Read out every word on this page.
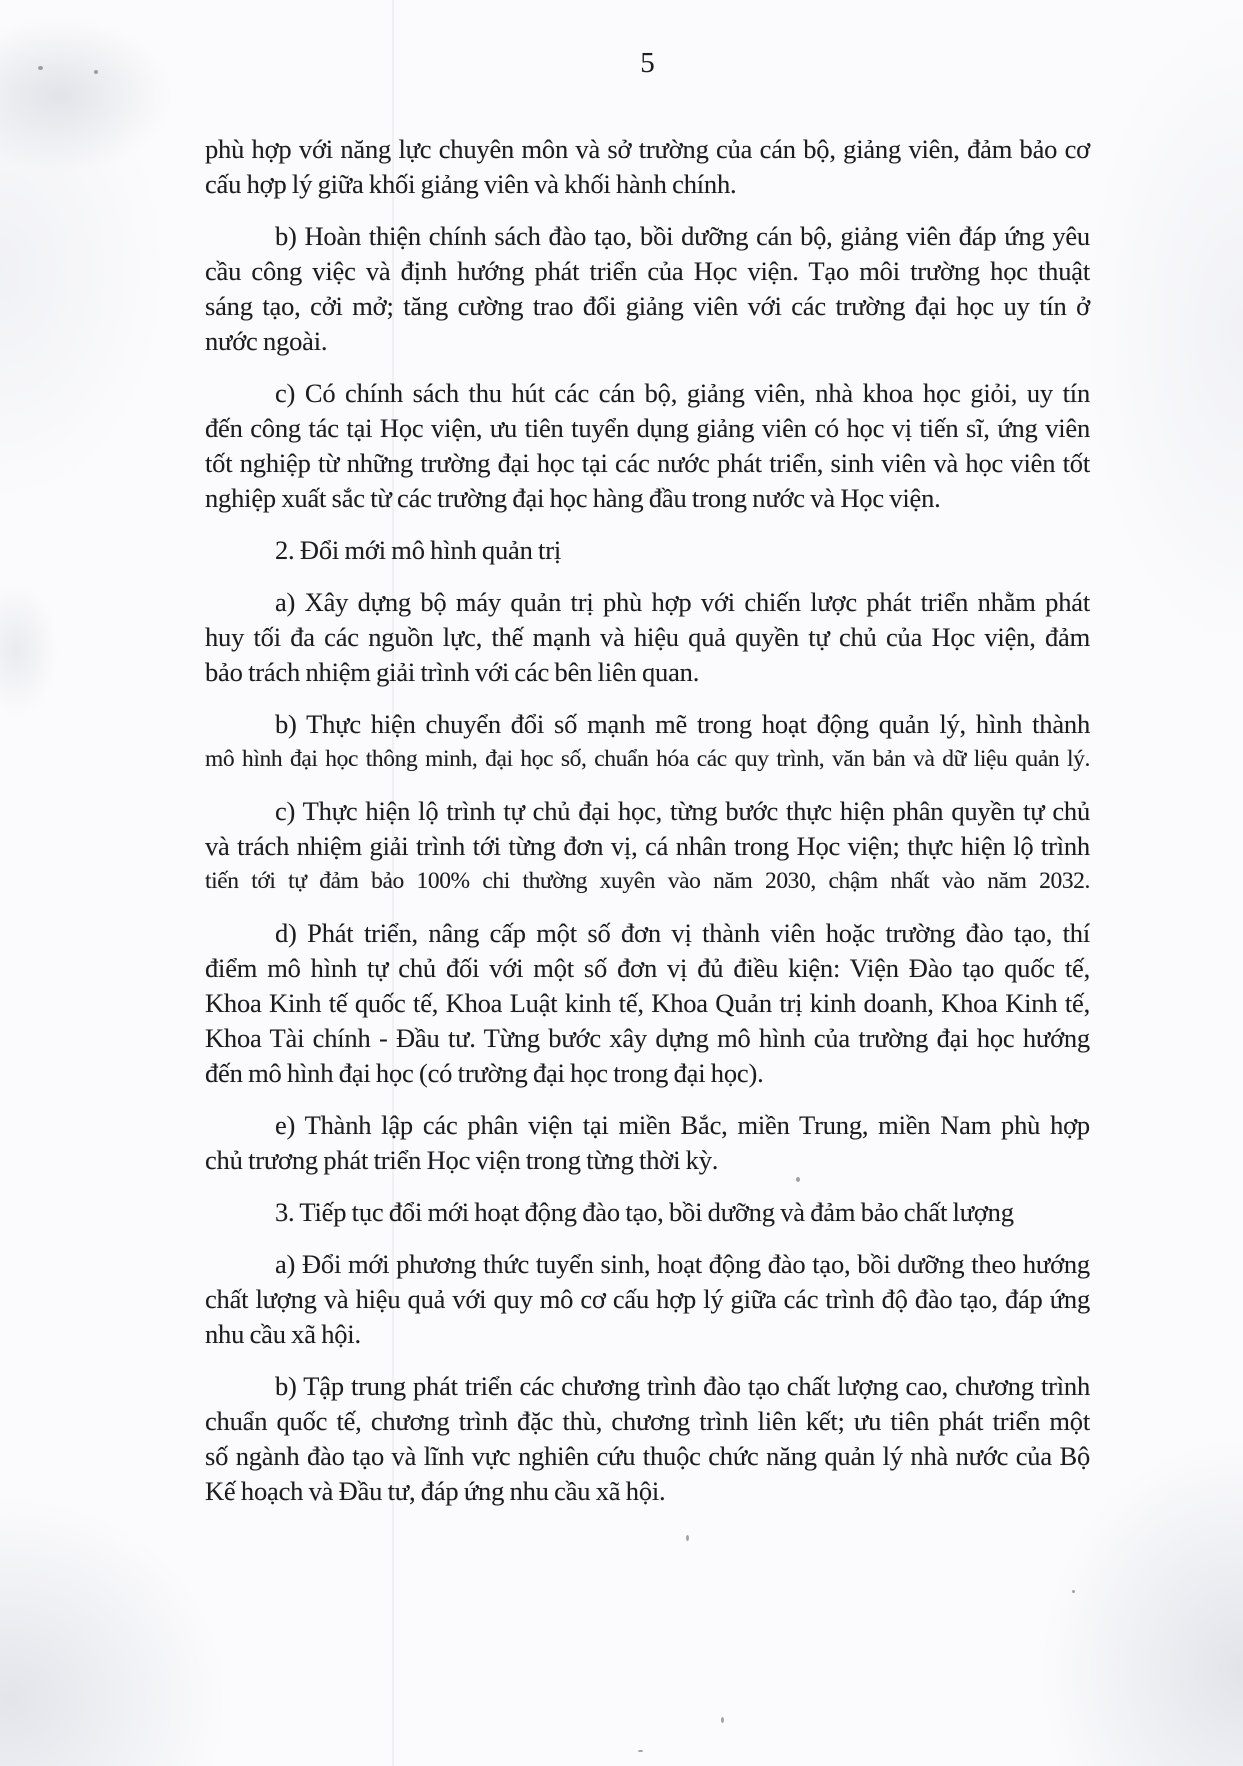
5
phù hợp với năng lực chuyên môn và sở trường của cán bộ, giảng viên, đảm bảo cơ
cấu hợp lý giữa khối giảng viên và khối hành chính.
b) Hoàn thiện chính sách đào tạo, bồi dưỡng cán bộ, giảng viên đáp ứng yêu
cầu công việc và định hướng phát triển của Học viện. Tạo môi trường học thuật
sáng tạo, cởi mở; tăng cường trao đổi giảng viên với các trường đại học uy tín ở
nước ngoài.
c) Có chính sách thu hút các cán bộ, giảng viên, nhà khoa học giỏi, uy tín
đến công tác tại Học viện, ưu tiên tuyển dụng giảng viên có học vị tiến sĩ, ứng viên
tốt nghiệp từ những trường đại học tại các nước phát triển, sinh viên và học viên tốt
nghiệp xuất sắc từ các trường đại học hàng đầu trong nước và Học viện.
2. Đổi mới mô hình quản trị
a) Xây dựng bộ máy quản trị phù hợp với chiến lược phát triển nhằm phát
huy tối đa các nguồn lực, thế mạnh và hiệu quả quyền tự chủ của Học viện, đảm
bảo trách nhiệm giải trình với các bên liên quan.
b) Thực hiện chuyển đổi số mạnh mẽ trong hoạt động quản lý, hình thành
mô hình đại học thông minh, đại học số, chuẩn hóa các quy trình, văn bản và dữ liệu quản lý.
c) Thực hiện lộ trình tự chủ đại học, từng bước thực hiện phân quyền tự chủ
và trách nhiệm giải trình tới từng đơn vị, cá nhân trong Học viện; thực hiện lộ trình
tiến tới tự đảm bảo 100% chi thường xuyên vào năm 2030, chậm nhất vào năm 2032.
d) Phát triển, nâng cấp một số đơn vị thành viên hoặc trường đào tạo, thí
điểm mô hình tự chủ đối với một số đơn vị đủ điều kiện: Viện Đào tạo quốc tế,
Khoa Kinh tế quốc tế, Khoa Luật kinh tế, Khoa Quản trị kinh doanh, Khoa Kinh tế,
Khoa Tài chính - Đầu tư. Từng bước xây dựng mô hình của trường đại học hướng
đến mô hình đại học (có trường đại học trong đại học).
e) Thành lập các phân viện tại miền Bắc, miền Trung, miền Nam phù hợp
chủ trương phát triển Học viện trong từng thời kỳ.
3. Tiếp tục đổi mới hoạt động đào tạo, bồi dưỡng và đảm bảo chất lượng
a) Đổi mới phương thức tuyển sinh, hoạt động đào tạo, bồi dưỡng theo hướng
chất lượng và hiệu quả với quy mô cơ cấu hợp lý giữa các trình độ đào tạo, đáp ứng
nhu cầu xã hội.
b) Tập trung phát triển các chương trình đào tạo chất lượng cao, chương trình
chuẩn quốc tế, chương trình đặc thù, chương trình liên kết; ưu tiên phát triển một
số ngành đào tạo và lĩnh vực nghiên cứu thuộc chức năng quản lý nhà nước của Bộ
Kế hoạch và Đầu tư, đáp ứng nhu cầu xã hội.
